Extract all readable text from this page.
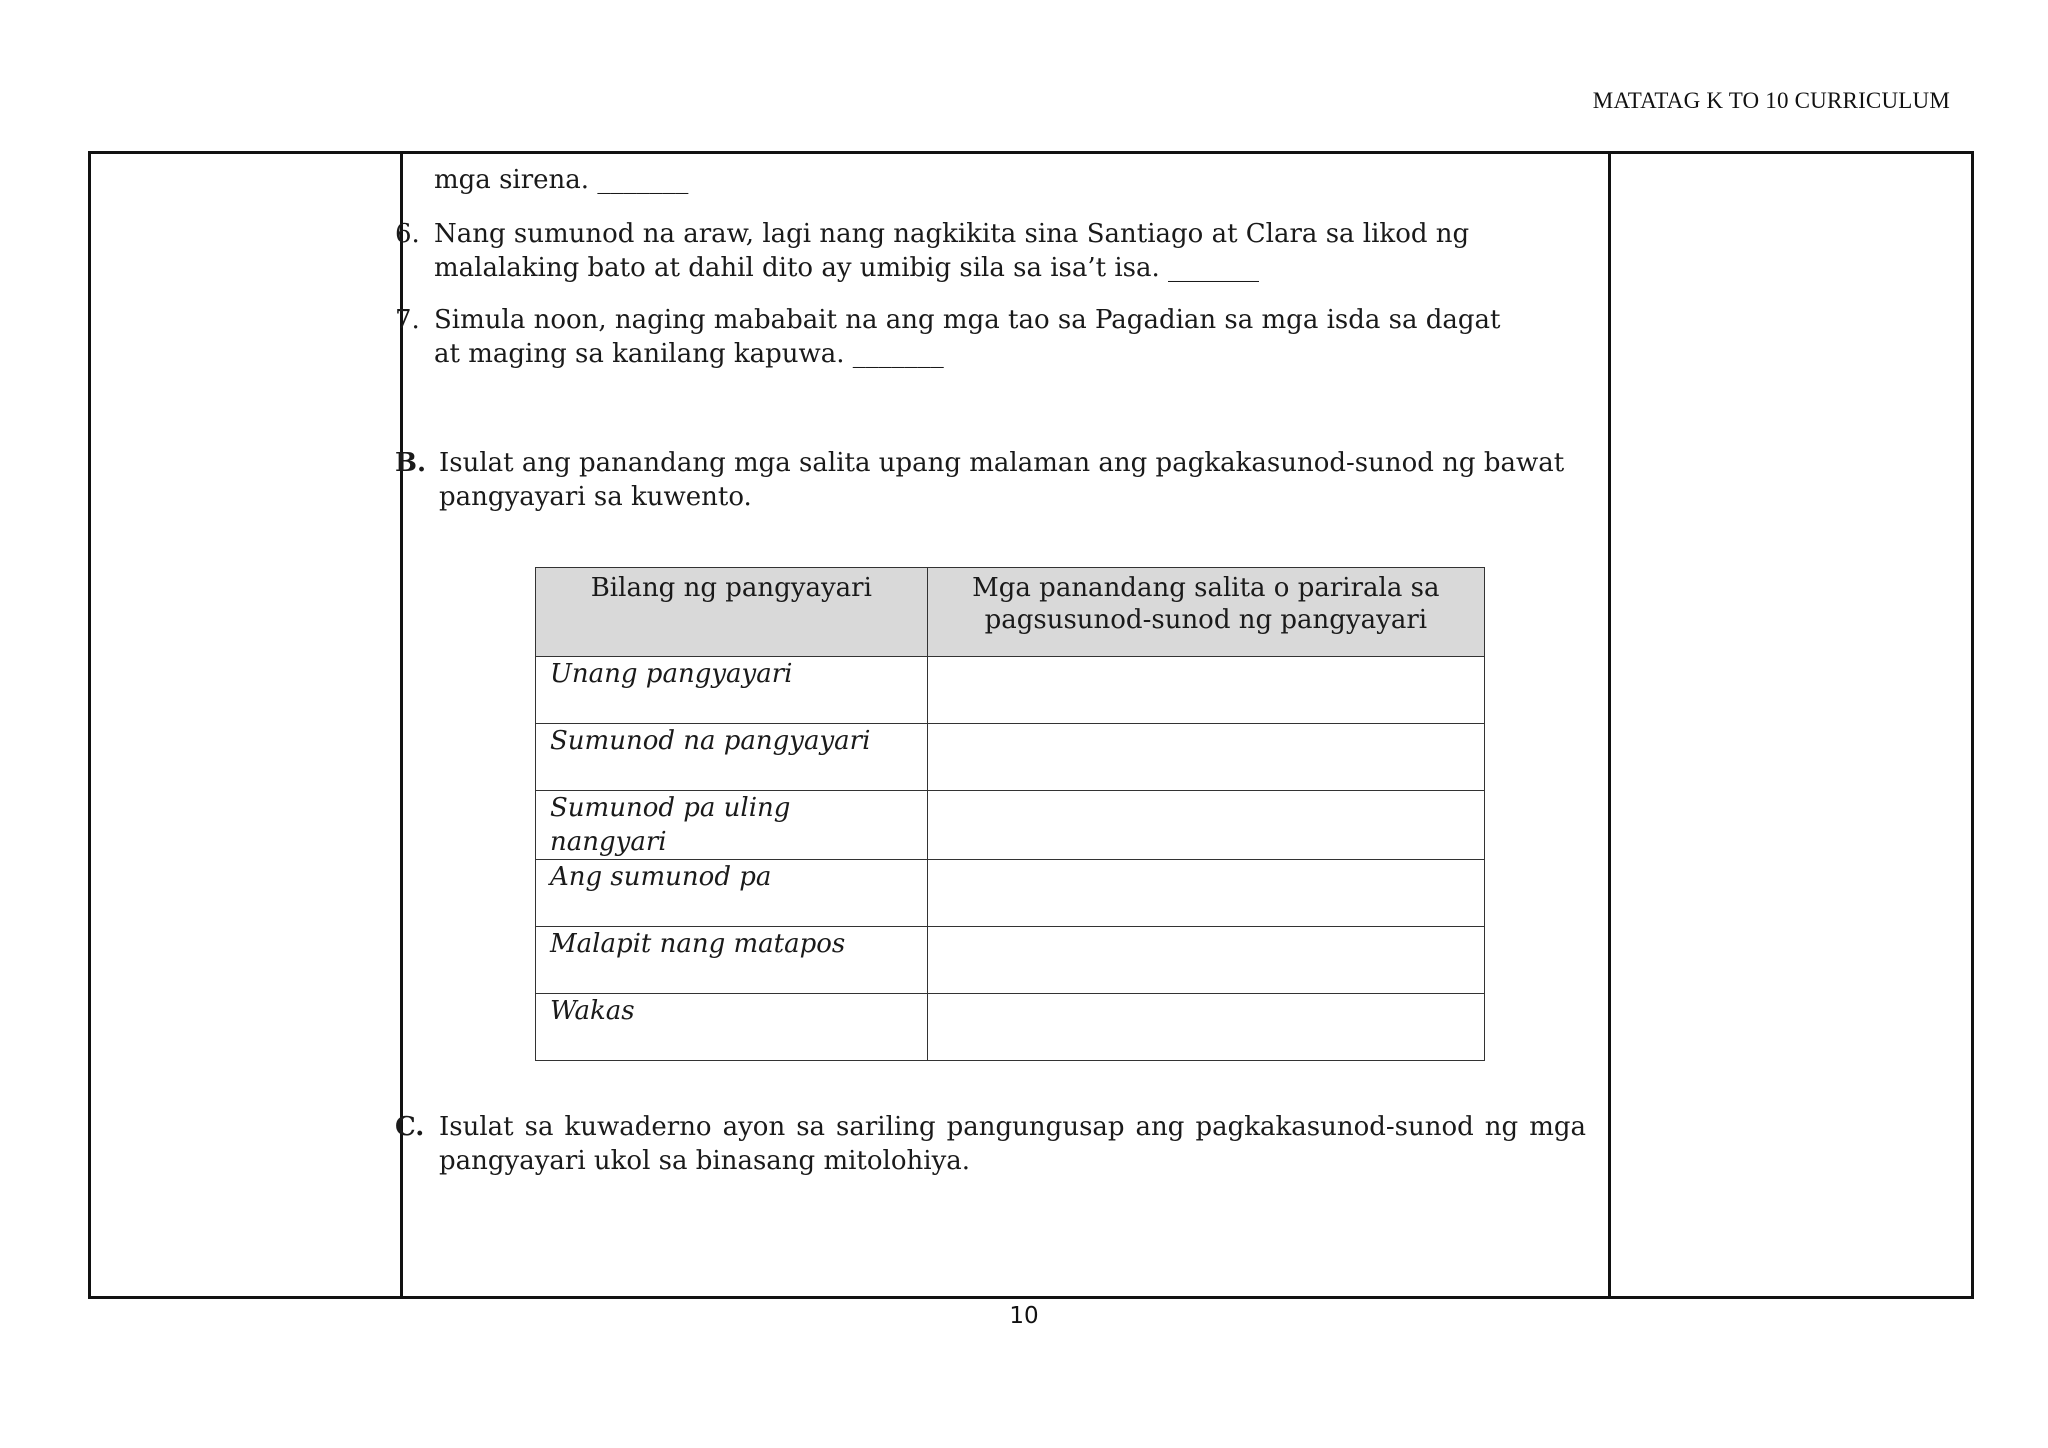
MATATAG K TO 10 CURRICULUM
mga sirena. _______
6. Nang sumunod na araw, lagi nang nagkikita sina Santiago at Clara sa likod ng
malalaking bato at dahil dito ay umibig sila sa isa’t isa. _______
7. Simula noon, naging mababait na ang mga tao sa Pagadian sa mga isda sa dagat
at maging sa kanilang kapuwa. _______
B. Isulat ang panandang mga salita upang malaman ang pagkakasunod-sunod ng bawat pangyayari sa kuwento.
C. Isulat sa kuwaderno ayon sa sariling pangungusap ang pagkakasunod-sunod ng mga pangyayari ukol sa binasang mitolohiya.
Bilang ng pangyayari	Mga panandang salita o parirala sa pagsusunod-sunod ng pangyayari
Unang pangyayari	
Sumunod na pangyayari	
Sumunod pa uling nangyari	
Ang sumunod pa	
Malapit nang matapos	
Wakas	
10
